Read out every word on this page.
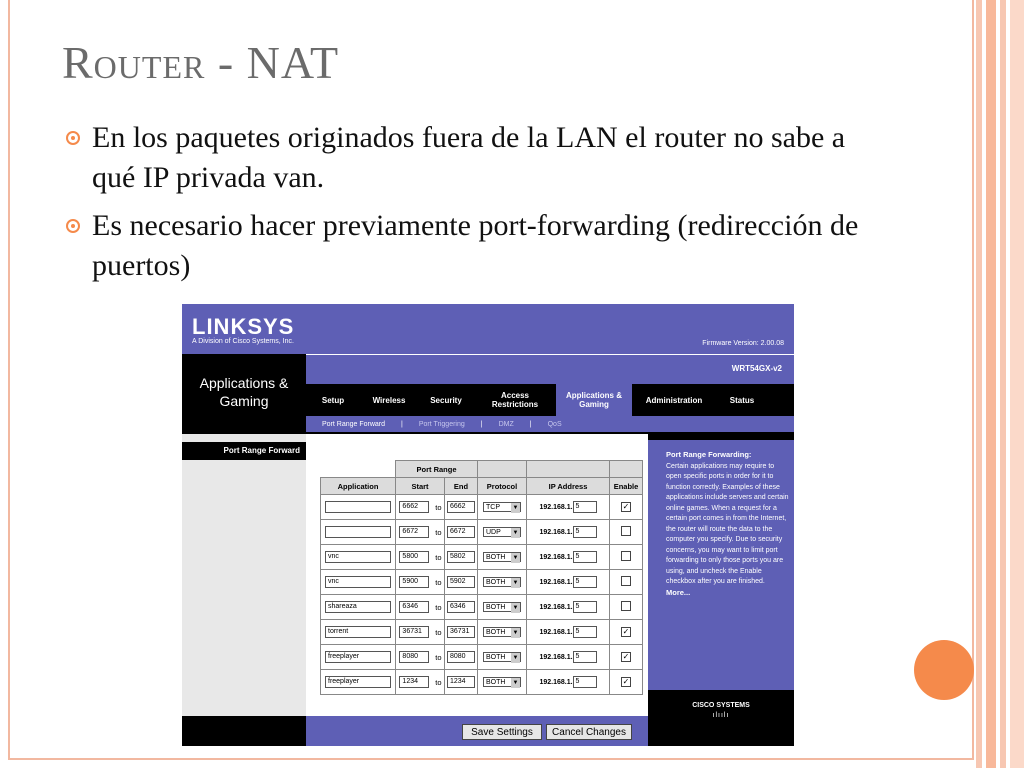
Router - NAT
En los paquetes originados fuera de la LAN el router no sabe a qué IP privada van.
Es necesario hacer previamente port-forwarding (redirección de puertos)
LINKSYS
A Division of Cisco Systems, Inc.	Firmware Version: 2.00.08
WRT54GX-v2
Applications & Gaming	Setup	Wireless	Security	Access Restrictions
Applications & Gaming	Administration	Status
Port Range Forward | Port Triggering | DMZ | QoS
Port Range Forward
	Port Range					
Application	Start		End	Protocol	IP Address	Enable
	6662	to	6662	TCP ▼	192.168.1. 5	✓
	6672	to	6672	UDP ▼	192.168.1. 5	
vnc	5800	to	5802	BOTH ▼	192.168.1. 5	
vnc	5900	to	5902	BOTH ▼	192.168.1. 5	
shareaza	6346	to	6346	BOTH ▼	192.168.1. 5	
torrent	36731	to	36731	BOTH ▼	192.168.1. 5	✓
freeplayer	8080	to	8080	BOTH ▼	192.168.1. 5	✓
freeplayer	1234	to	1234	BOTH ▼	192.168.1. 5	✓
Port Range Forwarding:
Certain applications may require to open specific ports in order for it to function correctly. Examples of these applications include servers and certain online games. When a request for a certain port comes in from the Internet, the router will route the data to the computer you specify. Due to security concerns, you may want to limit port forwarding to only those ports you are using, and uncheck the Enable checkbox after you are finished.
More...
CISCO SYSTEMS
ılıılı
Save Settings	Cancel Changes
